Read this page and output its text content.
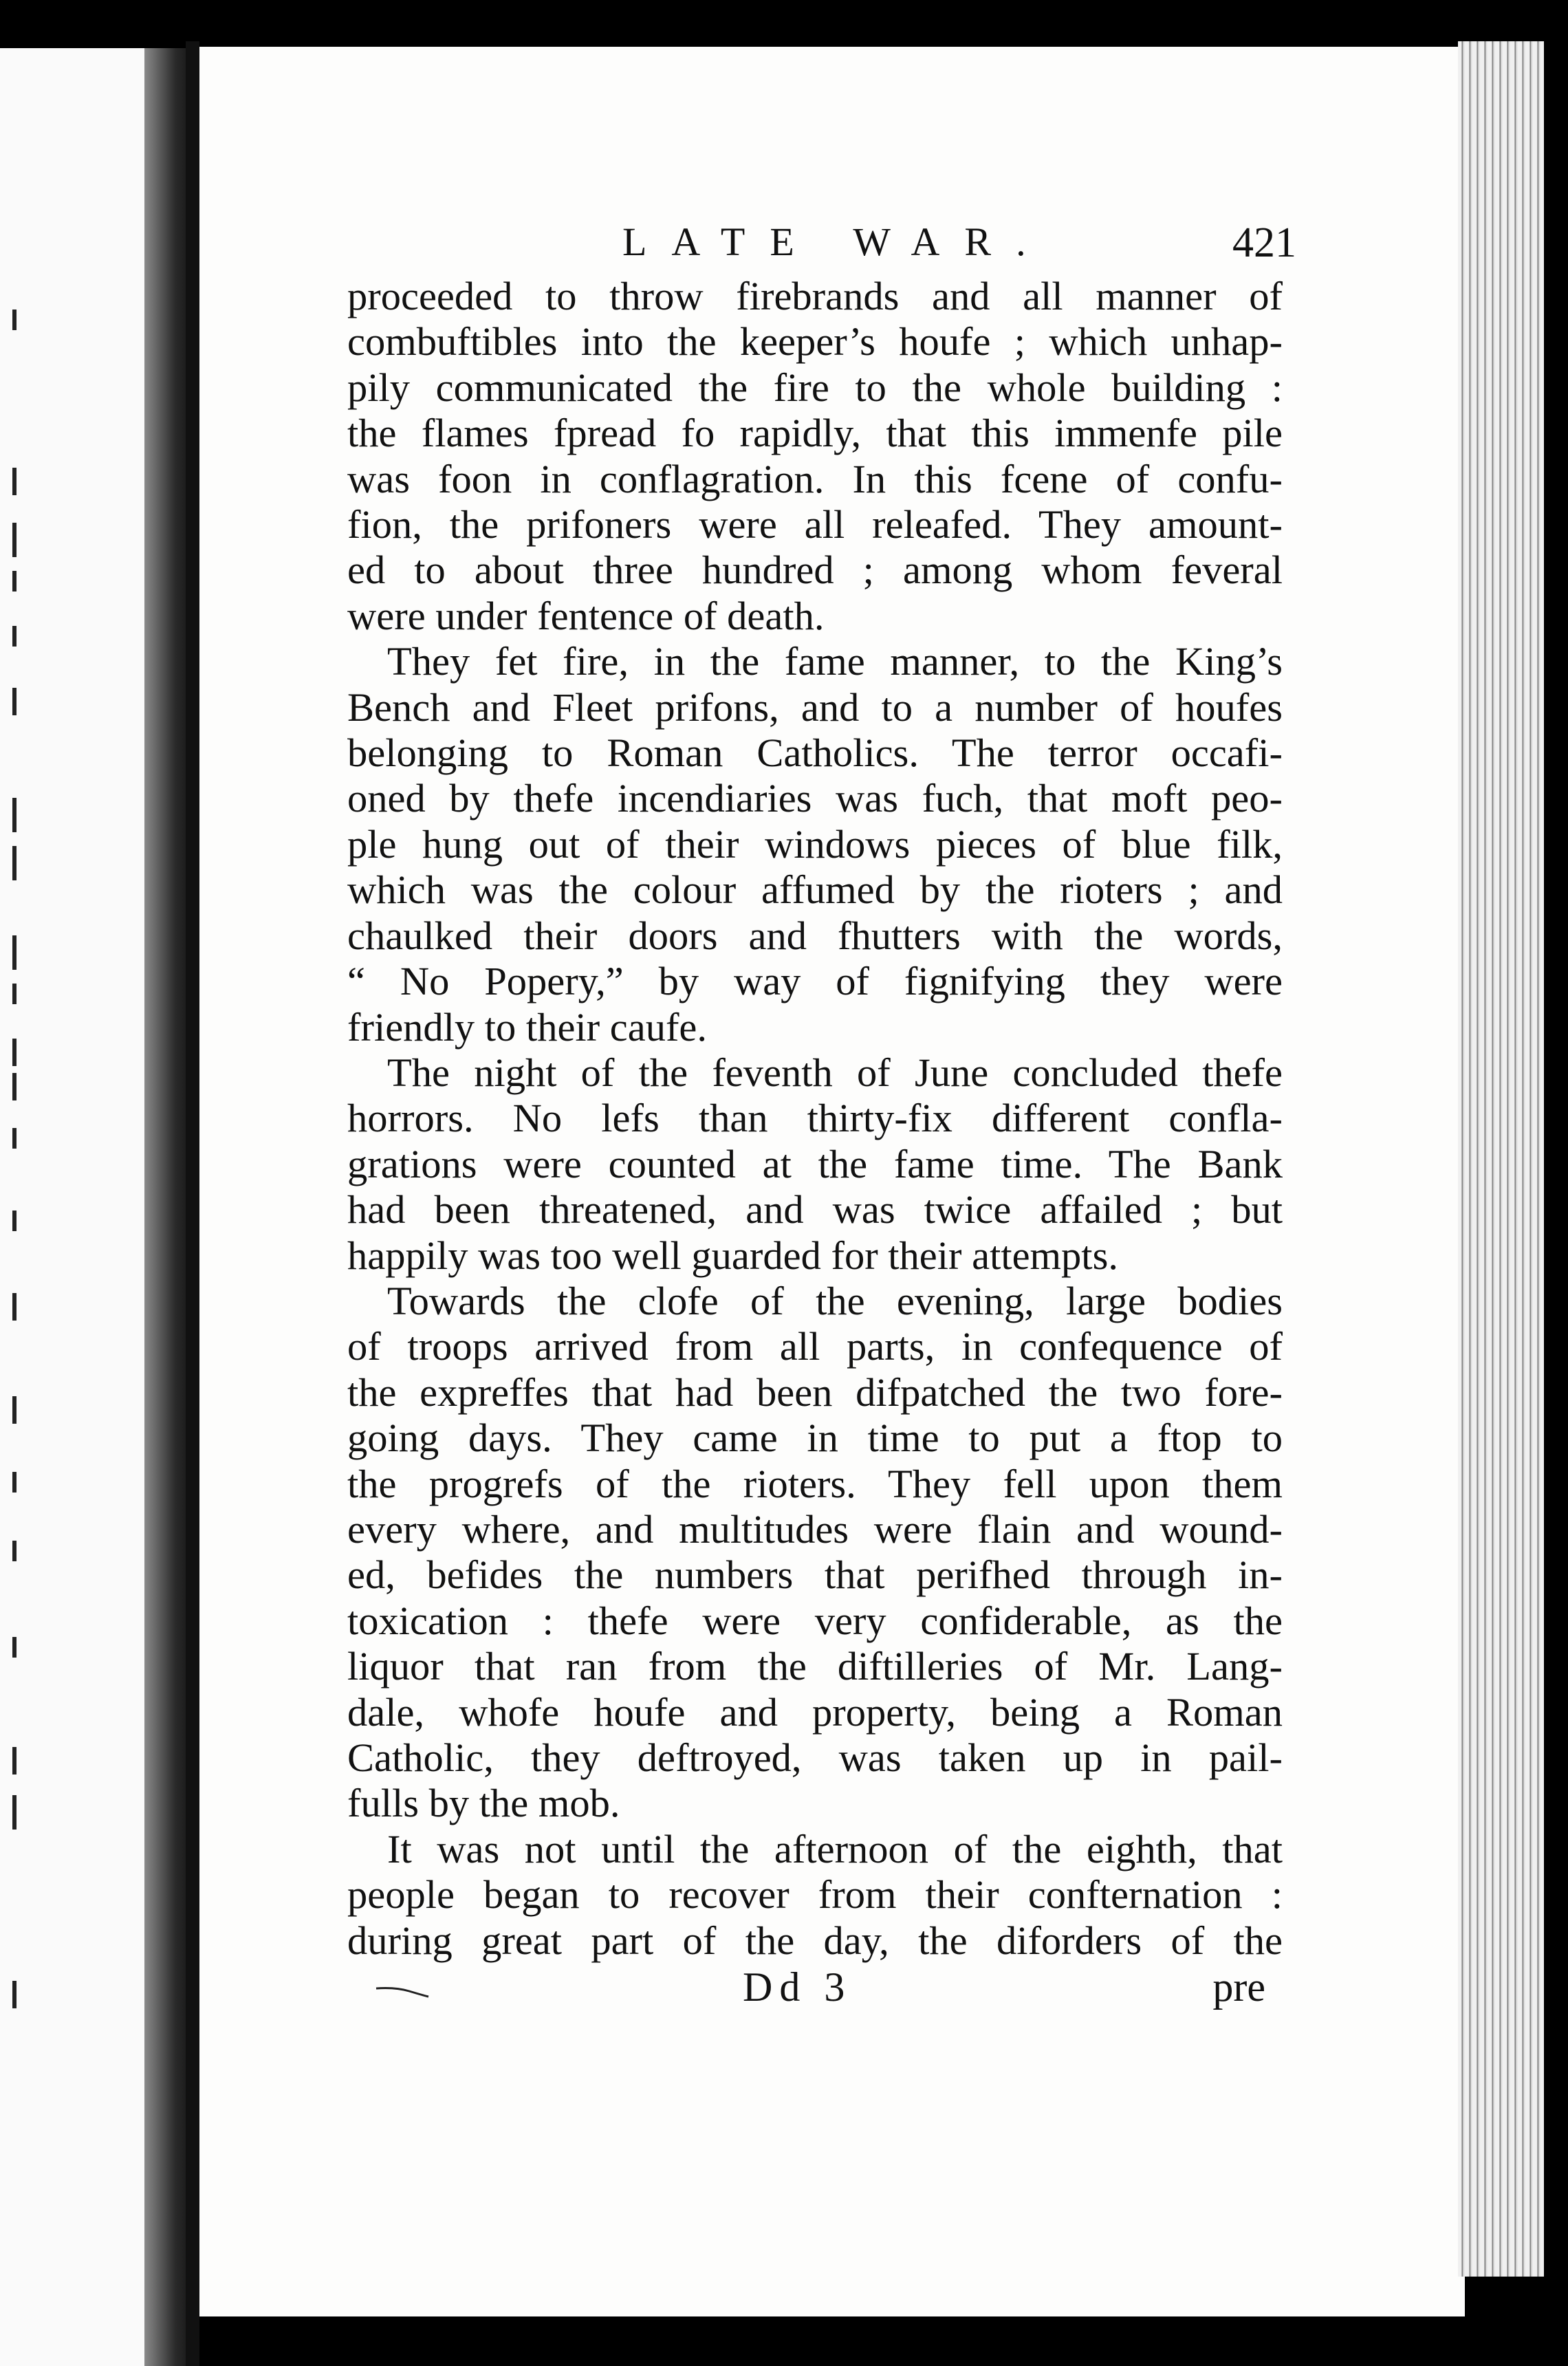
LATE WAR.	421
proceeded to throw firebrands and all manner of
combuftibles into the keeper’s houfe ; which unhap-
pily communicated the fire to the whole building :
the flames fpread fo rapidly, that this immenfe pile
was foon in conflagration. In this fcene of confu-
fion, the prifoners were all releafed. They amount-
ed to about three hundred ; among whom feveral
were under fentence of death.
They fet fire, in the fame manner, to the King’s
Bench and Fleet prifons, and to a number of houfes
belonging to Roman Catholics. The terror occafi-
oned by thefe incendiaries was fuch, that moft peo-
ple hung out of their windows pieces of blue filk,
which was the colour affumed by the rioters ; and
chaulked their doors and fhutters with the words,
“ No Popery,” by way of fignifying they were
friendly to their caufe.
The night of the feventh of June concluded thefe
horrors. No lefs than thirty-fix different confla-
grations were counted at the fame time. The Bank
had been threatened, and was twice affailed ; but
happily was too well guarded for their attempts.
Towards the clofe of the evening, large bodies
of troops arrived from all parts, in confequence of
the expreffes that had been difpatched the two fore-
going days. They came in time to put a ftop to
the progrefs of the rioters. They fell upon them
every where, and multitudes were flain and wound-
ed, befides the numbers that perifhed through in-
toxication : thefe were very confiderable, as the
liquor that ran from the diftilleries of Mr. Lang-
dale, whofe houfe and property, being a Roman
Catholic, they deftroyed, was taken up in pail-
fulls by the mob.
It was not until the afternoon of the eighth, that
people began to recover from their confternation :
during great part of the day, the diforders of the
Dd 3	pre
